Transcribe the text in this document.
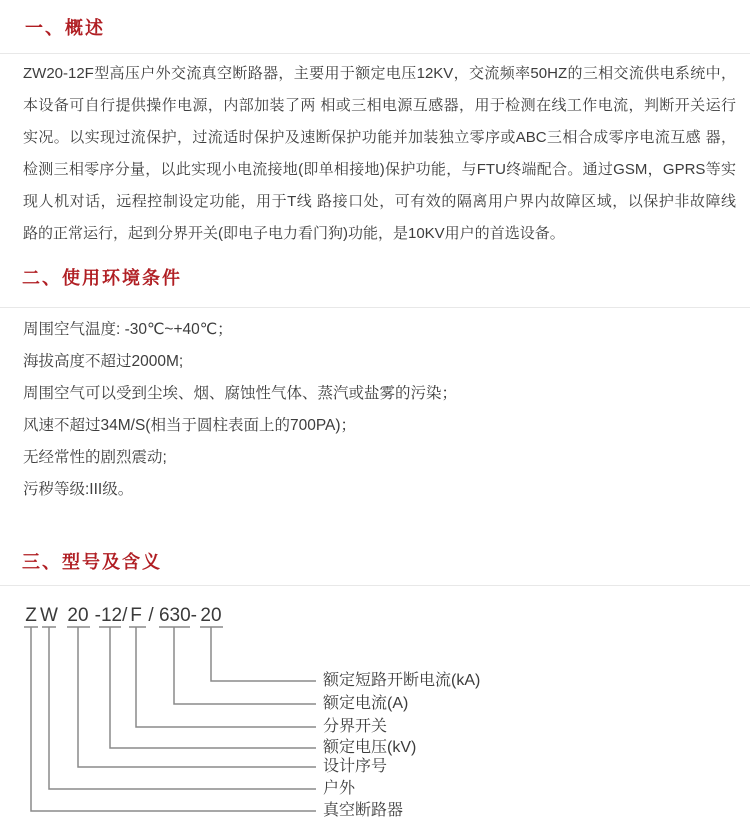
一、概述
ZW20-12F型高压户外交流真空断路器，主要用于额定电压12KV，交流频率50HZ的三相交流供电系统中，
本设备可自行提供操作电源，内部加装了两 相或三相电源互感器，用于检测在线工作电流，判断开关运行
实况。以实现过流保护，过流适时保护及速断保护功能并加装独立零序或ABC三相合成零序电流互感 器，
检测三相零序分量，以此实现小电流接地(即单相接地)保护功能，与FTU终端配合。通过GSM，GPRS等实
现人机对话，远程控制设定功能，用于T线 路接口处，可有效的隔离用户界内故障区域，以保护非故障线
路的正常运行，起到分界开关(即电子电力看门狗)功能，是10KV用户的首选设备。
二、使用环境条件
周围空气温度: -30℃~+40℃；
海拔高度不超过2000M;
周围空气可以受到尘埃、烟、腐蚀性气体、蒸汽或盐雾的污染；
风速不超过34M/S(相当于圆柱表面上的700PA)；
无经常性的剧烈震动;
污秽等级:III级。
三、型号及含义
Z W 20 -12/ F / 630- 20
额定短路开断电流(kA)
额定电流(A)
分界开关
额定电压(kV)
设计序号
户外
真空断路器
